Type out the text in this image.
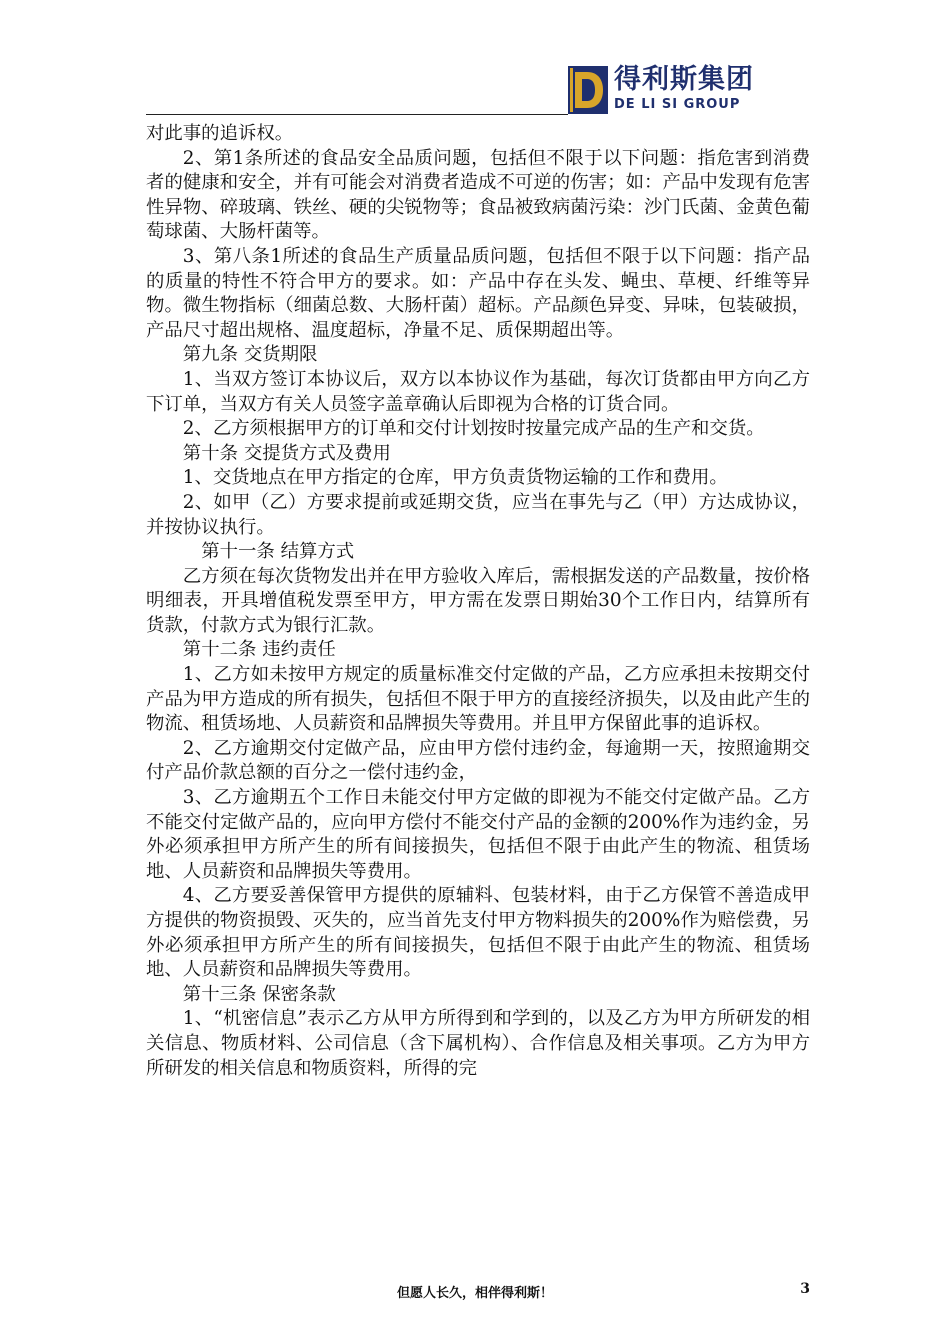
得利斯集团
DE LI SI GROUP

对此事的追诉权。

2、第1条所述的食品安全品质问题，包括但不限于以下问题：指危害到消费者的健康和安全，并有可能会对消费者造成不可逆的伤害；如：产品中发现有危害性异物、碎玻璃、铁丝、硬的尖锐物等；食品被致病菌污染：沙门氏菌、金黄色葡萄球菌、大肠杆菌等。

3、第八条1所述的食品生产质量品质问题，包括但不限于以下问题：指产品的质量的特性不符合甲方的要求。如：产品中存在头发、蝇虫、草梗、纤维等异物。微生物指标（细菌总数、大肠杆菌）超标。产品颜色异变、异味，包装破损，产品尺寸超出规格、温度超标，净量不足、质保期超出等。

第九条 交货期限

1、当双方签订本协议后，双方以本协议作为基础，每次订货都由甲方向乙方下订单，当双方有关人员签字盖章确认后即视为合格的订货合同。

2、乙方须根据甲方的订单和交付计划按时按量完成产品的生产和交货。

第十条 交提货方式及费用

1、交货地点在甲方指定的仓库，甲方负责货物运输的工作和费用。

2、如甲（乙）方要求提前或延期交货，应当在事先与乙（甲）方达成协议，并按协议执行。

第十一条 结算方式

乙方须在每次货物发出并在甲方验收入库后，需根据发送的产品数量，按价格明细表，开具增值税发票至甲方，甲方需在发票日期始30个工作日内，结算所有货款，付款方式为银行汇款。

第十二条 违约责任

1、乙方如未按甲方规定的质量标准交付定做的产品，乙方应承担未按期交付产品为甲方造成的所有损失，包括但不限于甲方的直接经济损失，以及由此产生的物流、租赁场地、人员薪资和品牌损失等费用。并且甲方保留此事的追诉权。

2、乙方逾期交付定做产品，应由甲方偿付违约金，每逾期一天，按照逾期交付产品价款总额的百分之一偿付违约金，

3、乙方逾期五个工作日未能交付甲方定做的即视为不能交付定做产品。乙方不能交付定做产品的，应向甲方偿付不能交付产品的金额的200%作为违约金，另外必须承担甲方所产生的所有间接损失，包括但不限于由此产生的物流、租赁场地、人员薪资和品牌损失等费用。

4、乙方要妥善保管甲方提供的原辅料、包装材料，由于乙方保管不善造成甲方提供的物资损毁、灭失的，应当首先支付甲方物料损失的200%作为赔偿费，另外必须承担甲方所产生的所有间接损失，包括但不限于由此产生的物流、租赁场地、人员薪资和品牌损失等费用。

第十三条 保密条款

1、“机密信息”表示乙方从甲方所得到和学到的，以及乙方为甲方所研发的相关信息、物质材料、公司信息（含下属机构）、合作信息及相关事项。乙方为甲方所研发的相关信息和物质资料，所得的完

但愿人长久，相伴得利斯！	3
